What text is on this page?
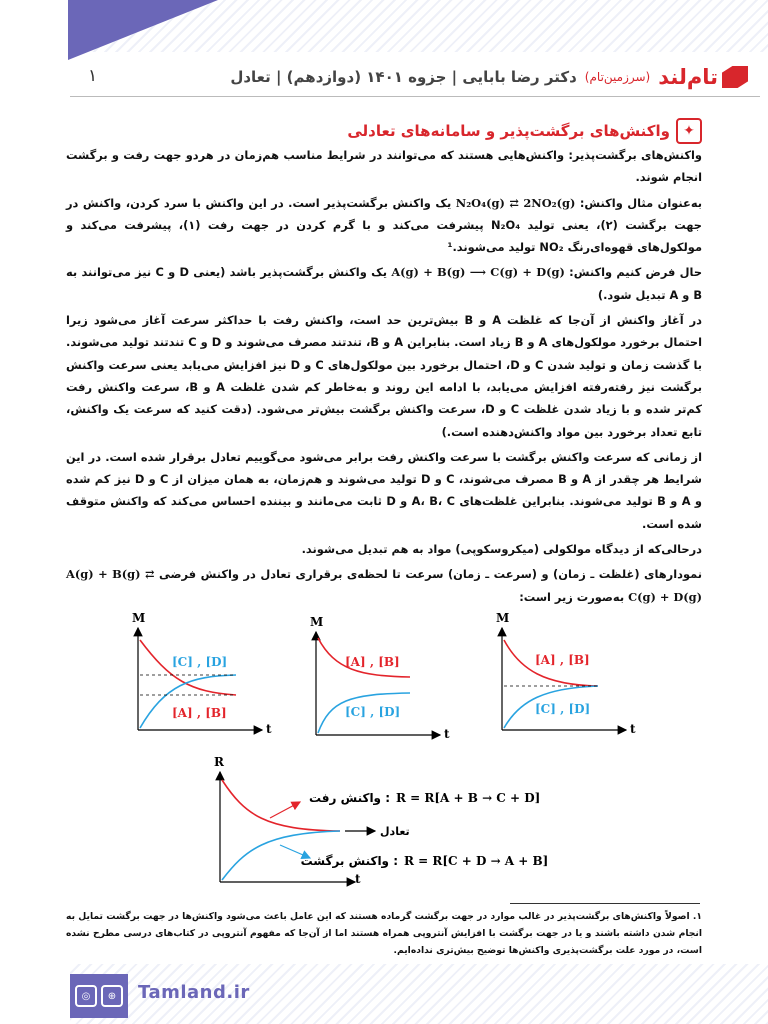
تام‌لند
(سرزمین‌تام)
دکتر رضا بابایی | جزوه ۱۴۰۱ (دوازدهم) | تعادل
۱
✦
واکنش‌های برگشت‌پذیر و سامانه‌های تعادلی

واکنش‌های برگشت‌پذیر: واکنش‌هایی هستند که می‌توانند در شرایط مناسب هم‌زمان در هردو جهت رفت و برگشت انجام شوند.

به‌عنوان مثال واکنش: N₂O₄(g) ⇄ 2NO₂(g) یک واکنش برگشت‌پذیر است. در این واکنش با سرد کردن، واکنش در جهت برگشت (۲)، یعنی تولید N₂O₄ پیشرفت می‌کند و با گرم کردن در جهت رفت (۱)، پیشرفت می‌کند و مولکول‌های قهوه‌ای‌رنگ NO₂ تولید می‌شوند.¹

حال فرض کنیم واکنش: A(g) + B(g) ⟶ C(g) + D(g) یک واکنش برگشت‌پذیر باشد (یعنی D و C نیز می‌توانند به B و A تبدیل شود.)

در آغاز واکنش از آن‌جا که غلظت A و B بیش‌ترین حد است، واکنش رفت با حداکثر سرعت آغاز می‌شود زیرا احتمال برخورد مولکول‌های A و B زیاد است. بنابراین A و B، تندتند مصرف می‌شوند و D و C تندتند تولید می‌شوند. با گذشت زمان و تولید شدن C و D، احتمال برخورد بین مولکول‌های C و D نیز افزایش می‌یابد یعنی سرعت واکنش برگشت نیز رفته‌رفته افزایش می‌یابد، با ادامه این روند و به‌خاطر کم شدن غلظت A و B، سرعت واکنش رفت کم‌تر شده و با زیاد شدن غلظت C و D، سرعت واکنش برگشت بیش‌تر می‌شود. (دقت کنید که سرعت یک واکنش، تابع تعداد برخورد بین مواد واکنش‌دهنده است.)

از زمانی که سرعت واکنش برگشت با سرعت واکنش رفت برابر می‌شود می‌گوییم تعادل برقرار شده است. در این شرایط هر چقدر از A و B مصرف می‌شوند، C و D تولید می‌شوند و هم‌زمان، به همان میزان از C و D نیز کم شده و A و B تولید می‌شوند. بنابراین غلظت‌های A، B، C و D ثابت می‌مانند و بیننده احساس می‌کند که واکنش متوقف شده است.

درحالی‌که از دیدگاه مولکولی (میکروسکوپی) مواد به هم تبدیل می‌شوند.

نمودارهای (غلظت ـ زمان) و (سرعت ـ زمان) سرعت تا لحظه‌ی برقراری تعادل در واکنش فرضی A(g) + B(g) ⇄ C(g) + D(g) به‌صورت زیر است:

M
t
[C] , [D]
[A] , [B]
M
t
[A] , [B]
[C] , [D]
M
t
[A] , [B]
[C] , [D]
R
t
واکنش رفت : R = R[A + B → C + D]
تعادل
واکنش برگشت : R = R[C + D → A + B]
۱. اصولاً واکنش‌های برگشت‌پذیر در غالب موارد در جهت برگشت گرماده هستند که این عامل باعث می‌شود واکنش‌ها در جهت برگشت تمایل به انجام شدن داشته باشند و یا در جهت برگشت با افزایش آنتروپی همراه هستند اما از آن‌جا که مفهوم آنتروپی در کتاب‌های درسی مطرح نشده است، در مورد علت برگشت‌پذیری واکنش‌ها توضیح بیش‌تری نداده‌ایم.
◎	⊕	Tamland.ir
